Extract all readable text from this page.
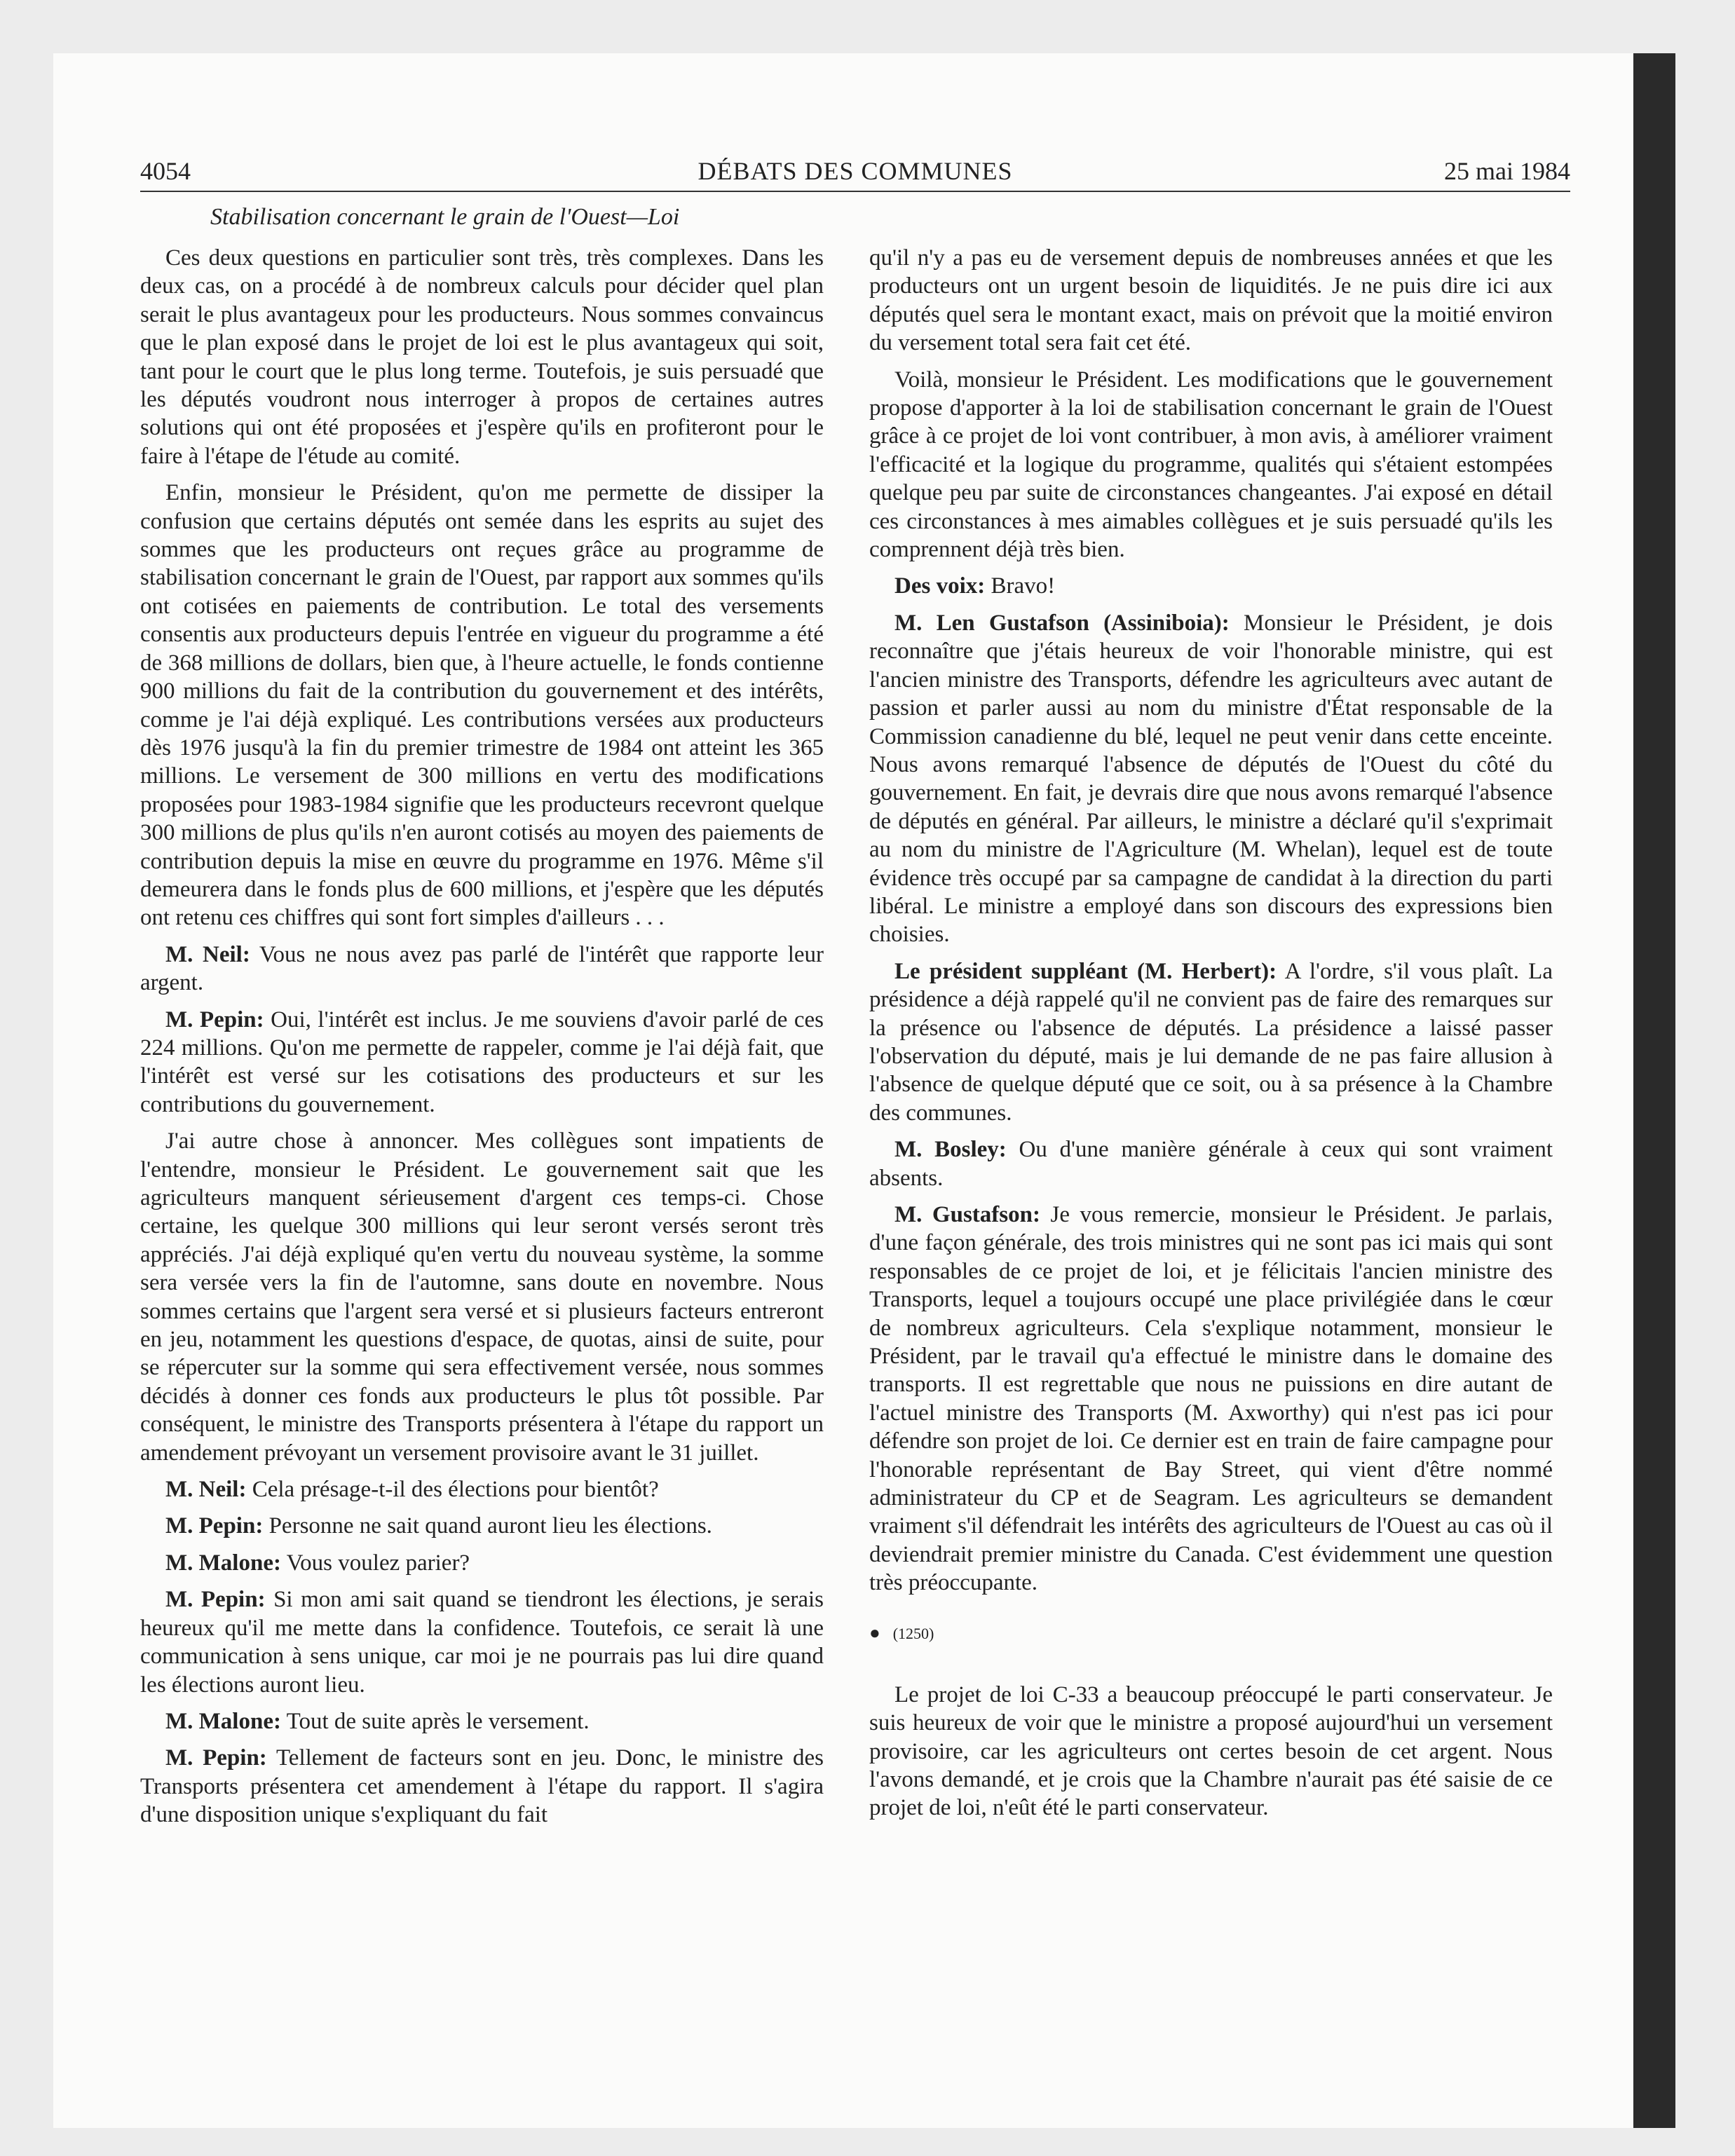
4054	DÉBATS DES COMMUNES	25 mai 1984
Stabilisation concernant le grain de l'Ouest—Loi

Ces deux questions en particulier sont très, très complexes. Dans les deux cas, on a procédé à de nombreux calculs pour décider quel plan serait le plus avantageux pour les producteurs. Nous sommes convaincus que le plan exposé dans le projet de loi est le plus avantageux qui soit, tant pour le court que le plus long terme. Toutefois, je suis persuadé que les députés voudront nous interroger à propos de certaines autres solutions qui ont été proposées et j'espère qu'ils en profiteront pour le faire à l'étape de l'étude au comité.

Enfin, monsieur le Président, qu'on me permette de dissiper la confusion que certains députés ont semée dans les esprits au sujet des sommes que les producteurs ont reçues grâce au programme de stabilisation concernant le grain de l'Ouest, par rapport aux sommes qu'ils ont cotisées en paiements de contribution. Le total des versements consentis aux producteurs depuis l'entrée en vigueur du programme a été de 368 millions de dollars, bien que, à l'heure actuelle, le fonds contienne 900 millions du fait de la contribution du gouvernement et des intérêts, comme je l'ai déjà expliqué. Les contributions versées aux producteurs dès 1976 jusqu'à la fin du premier trimestre de 1984 ont atteint les 365 millions. Le versement de 300 millions en vertu des modifications proposées pour 1983-1984 signifie que les producteurs recevront quelque 300 millions de plus qu'ils n'en auront cotisés au moyen des paiements de contribution depuis la mise en œuvre du programme en 1976. Même s'il demeurera dans le fonds plus de 600 millions, et j'espère que les députés ont retenu ces chiffres qui sont fort simples d'ailleurs . . .

M. Neil: Vous ne nous avez pas parlé de l'intérêt que rapporte leur argent.

M. Pepin: Oui, l'intérêt est inclus. Je me souviens d'avoir parlé de ces 224 millions. Qu'on me permette de rappeler, comme je l'ai déjà fait, que l'intérêt est versé sur les cotisations des producteurs et sur les contributions du gouvernement.

J'ai autre chose à annoncer. Mes collègues sont impatients de l'entendre, monsieur le Président. Le gouvernement sait que les agriculteurs manquent sérieusement d'argent ces temps-ci. Chose certaine, les quelque 300 millions qui leur seront versés seront très appréciés. J'ai déjà expliqué qu'en vertu du nouveau système, la somme sera versée vers la fin de l'automne, sans doute en novembre. Nous sommes certains que l'argent sera versé et si plusieurs facteurs entreront en jeu, notamment les questions d'espace, de quotas, ainsi de suite, pour se répercuter sur la somme qui sera effectivement versée, nous sommes décidés à donner ces fonds aux producteurs le plus tôt possible. Par conséquent, le ministre des Transports présentera à l'étape du rapport un amendement prévoyant un versement provisoire avant le 31 juillet.

M. Neil: Cela présage-t-il des élections pour bientôt?

M. Pepin: Personne ne sait quand auront lieu les élections.

M. Malone: Vous voulez parier?

M. Pepin: Si mon ami sait quand se tiendront les élections, je serais heureux qu'il me mette dans la confidence. Toutefois, ce serait là une communication à sens unique, car moi je ne pourrais pas lui dire quand les élections auront lieu.

M. Malone: Tout de suite après le versement.

M. Pepin: Tellement de facteurs sont en jeu. Donc, le ministre des Transports présentera cet amendement à l'étape du rapport. Il s'agira d'une disposition unique s'expliquant du fait

qu'il n'y a pas eu de versement depuis de nombreuses années et que les producteurs ont un urgent besoin de liquidités. Je ne puis dire ici aux députés quel sera le montant exact, mais on prévoit que la moitié environ du versement total sera fait cet été.

Voilà, monsieur le Président. Les modifications que le gouvernement propose d'apporter à la loi de stabilisation concernant le grain de l'Ouest grâce à ce projet de loi vont contribuer, à mon avis, à améliorer vraiment l'efficacité et la logique du programme, qualités qui s'étaient estompées quelque peu par suite de circonstances changeantes. J'ai exposé en détail ces circonstances à mes aimables collègues et je suis persuadé qu'ils les comprennent déjà très bien.

Des voix: Bravo!

M. Len Gustafson (Assiniboia): Monsieur le Président, je dois reconnaître que j'étais heureux de voir l'honorable ministre, qui est l'ancien ministre des Transports, défendre les agriculteurs avec autant de passion et parler aussi au nom du ministre d'État responsable de la Commission canadienne du blé, lequel ne peut venir dans cette enceinte. Nous avons remarqué l'absence de députés de l'Ouest du côté du gouvernement. En fait, je devrais dire que nous avons remarqué l'absence de députés en général. Par ailleurs, le ministre a déclaré qu'il s'exprimait au nom du ministre de l'Agriculture (M. Whelan), lequel est de toute évidence très occupé par sa campagne de candidat à la direction du parti libéral. Le ministre a employé dans son discours des expressions bien choisies.

Le président suppléant (M. Herbert): A l'ordre, s'il vous plaît. La présidence a déjà rappelé qu'il ne convient pas de faire des remarques sur la présence ou l'absence de députés. La présidence a laissé passer l'observation du député, mais je lui demande de ne pas faire allusion à l'absence de quelque député que ce soit, ou à sa présence à la Chambre des communes.

M. Bosley: Ou d'une manière générale à ceux qui sont vraiment absents.

M. Gustafson: Je vous remercie, monsieur le Président. Je parlais, d'une façon générale, des trois ministres qui ne sont pas ici mais qui sont responsables de ce projet de loi, et je félicitais l'ancien ministre des Transports, lequel a toujours occupé une place privilégiée dans le cœur de nombreux agriculteurs. Cela s'explique notamment, monsieur le Président, par le travail qu'a effectué le ministre dans le domaine des transports. Il est regrettable que nous ne puissions en dire autant de l'actuel ministre des Transports (M. Axworthy) qui n'est pas ici pour défendre son projet de loi. Ce dernier est en train de faire campagne pour l'honorable représentant de Bay Street, qui vient d'être nommé administrateur du CP et de Seagram. Les agriculteurs se demandent vraiment s'il défendrait les intérêts des agriculteurs de l'Ouest au cas où il deviendrait premier ministre du Canada. C'est évidemment une question très préoccupante.

● (1250)

Le projet de loi C-33 a beaucoup préoccupé le parti conservateur. Je suis heureux de voir que le ministre a proposé aujourd'hui un versement provisoire, car les agriculteurs ont certes besoin de cet argent. Nous l'avons demandé, et je crois que la Chambre n'aurait pas été saisie de ce projet de loi, n'eût été le parti conservateur.
